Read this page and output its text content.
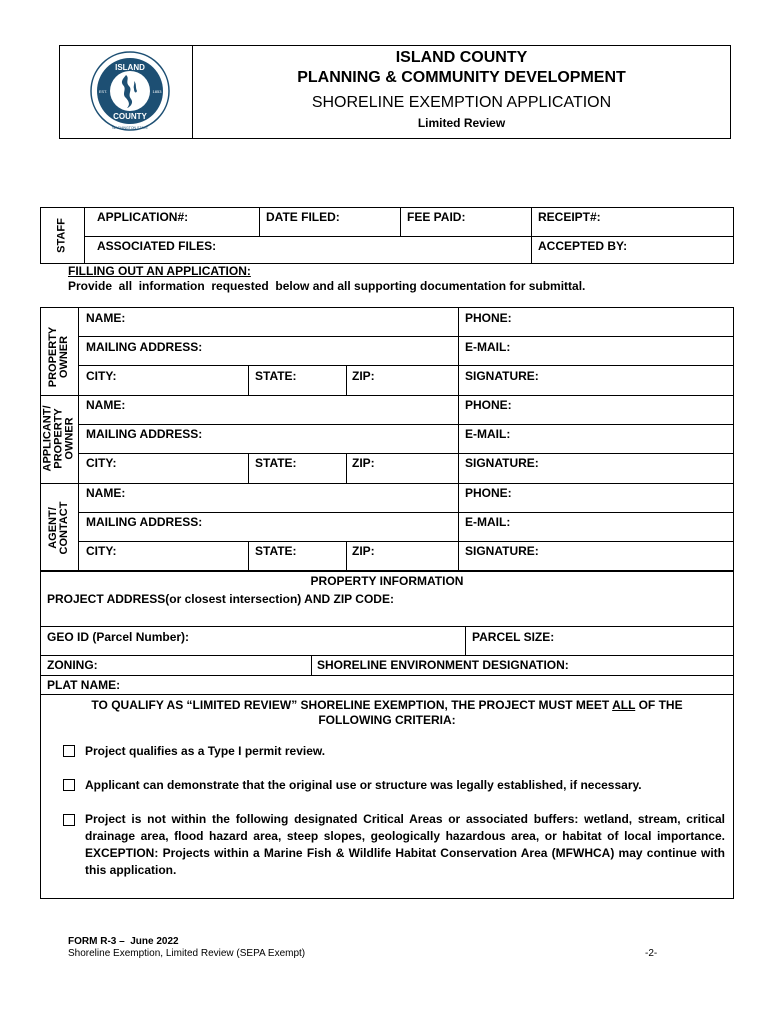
ISLAND
COUNTY
EST.	1853
WASHINGTON STATE
ISLAND COUNTY
PLANNING & COMMUNITY DEVELOPMENT
SHORELINE EXEMPTION APPLICATION
Limited Review
STAFF
APPLICATION#:	DATE FILED:	FEE PAID:	RECEIPT#:
ASSOCIATED FILES:	ACCEPTED BY:
FILLING OUT AN APPLICATION:
Provide  all  information  requested  below and all supporting documentation for submittal.
PROPERTY OWNER
NAME:	PHONE:
MAILING ADDRESS:	E-MAIL:
CITY:	STATE:	ZIP:	SIGNATURE:
APPLICANT/ PROPERTY OWNER
NAME:	PHONE:
MAILING ADDRESS:	E-MAIL:
CITY:	STATE:	ZIP:	SIGNATURE:
AGENT/ CONTACT
NAME:	PHONE:
MAILING ADDRESS:	E-MAIL:
CITY:	STATE:	ZIP:	SIGNATURE:
PROPERTY INFORMATION
PROJECT ADDRESS(or closest intersection) AND ZIP CODE:
GEO ID (Parcel Number):	PARCEL SIZE:
ZONING:	SHORELINE ENVIRONMENT DESIGNATION:
PLAT NAME:
TO QUALIFY AS “LIMITED REVIEW” SHORELINE EXEMPTION, THE PROJECT MUST MEET ALL OF THE
FOLLOWING CRITERIA:
Project qualifies as a Type I permit review.
Applicant can demonstrate that the original use or structure was legally established, if necessary.
Project is not within the following designated Critical Areas or associated buffers: wetland, stream, critical drainage area, flood hazard area, steep slopes, geologically hazardous area, or habitat of local importance. EXCEPTION: Projects within a Marine Fish & Wildlife Habitat Conservation Area (MFWHCA) may continue with this application.
FORM R-3 –  June 2022
Shoreline Exemption, Limited Review (SEPA Exempt)	-2-
